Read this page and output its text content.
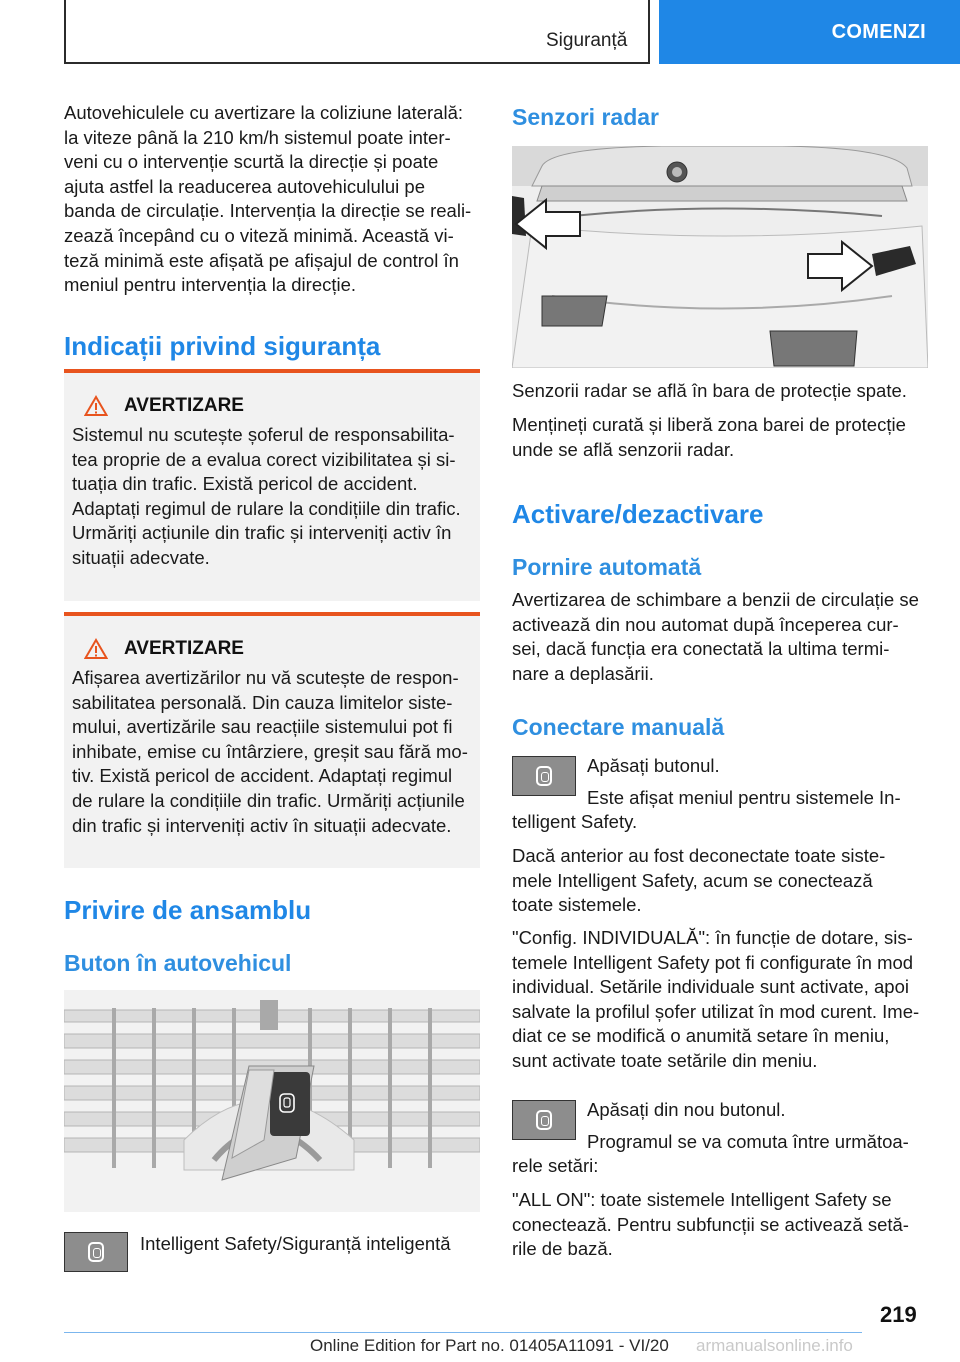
Siguranță	COMENZI
Autovehiculele cu avertizare la coliziune laterală:
la viteze până la 210 km/h sistemul poate inter‐
veni cu o intervenție scurtă la direcție și poate
ajuta astfel la readucerea autovehiculului pe
banda de circulație. Intervenția la direcție se reali‐
zează începând cu o viteză minimă. Această vi‐
teză minimă este afișată pe afișajul de control în
meniul pentru intervenția la direcție.
Indicații privind siguranța
AVERTIZARE
Sistemul nu scutește șoferul de responsabilita‐
tea proprie de a evalua corect vizibilitatea și si‐
tuația din trafic. Există pericol de accident.
Adaptați regimul de rulare la condițiile din trafic.
Urmăriți acțiunile din trafic și interveniți activ în
situații adecvate.
AVERTIZARE
Afișarea avertizărilor nu vă scutește de respon‐
sabilitatea personală. Din cauza limitelor siste‐
mului, avertizările sau reacțiile sistemului pot fi
inhibate, emise cu întârziere, greșit sau fără mo‐
tiv. Există pericol de accident. Adaptați regimul
de rulare la condițiile din trafic. Urmăriți acțiunile
din trafic și interveniți activ în situații adecvate.
Privire de ansamblu
Buton în autovehicul
Intelligent Safety/Siguranță inteligentă
Senzori radar
Senzorii radar se află în bara de protecție spate.
Mențineți curată și liberă zona barei de protecție
unde se află senzorii radar.
Activare/dezactivare
Pornire automată
Avertizarea de schimbare a benzii de circulație se
activează din nou automat după începerea cur‐
sei, dacă funcția era conectată la ultima termi‐
nare a deplasării.
Conectare manuală
Apăsați butonul.
Este afișat meniul pentru sistemele In‐
telligent Safety.
Dacă anterior au fost deconectate toate siste‐
mele Intelligent Safety, acum se conectează
toate sistemele.
"Config. INDIVIDUALĂ": în funcție de dotare, sis‐
temele Intelligent Safety pot fi configurate în mod
individual. Setările individuale sunt activate, apoi
salvate la profilul șofer utilizat în mod curent. Ime‐
diat ce se modifică o anumită setare în meniu,
sunt activate toate setările din meniu.
Apăsați din nou butonul.
Programul se va comuta între următoa‐
rele setări:
"ALL ON": toate sistemele Intelligent Safety se
conectează. Pentru subfuncții se activează setă‐
rile de bază.
219
Online Edition for Part no. 01405A11091 - VI/20 armanualsonline.info
